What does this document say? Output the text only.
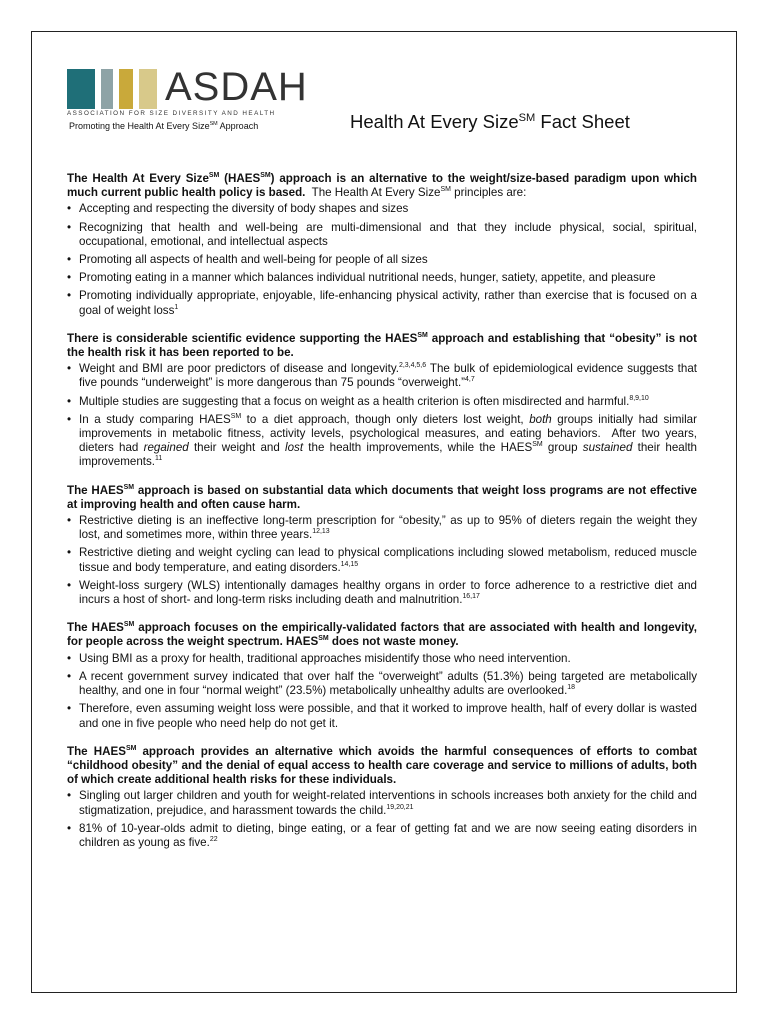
ASDAH
ASSOCIATION FOR SIZE DIVERSITY AND HEALTH
Promoting the Health At Every Size℠ Approach	Health At Every Size℠ Fact Sheet
The Health At Every Size℠ (HAES℠) approach is an alternative to the weight/size-based paradigm upon which much current public health policy is based.  The Health At Every Size℠ principles are:
• Accepting and respecting the diversity of body shapes and sizes
• Recognizing that health and well-being are multi-dimensional and that they include physical, social, spiritual, occupational, emotional, and intellectual aspects
• Promoting all aspects of health and well-being for people of all sizes
• Promoting eating in a manner which balances individual nutritional needs, hunger, satiety, appetite, and pleasure
• Promoting individually appropriate, enjoyable, life-enhancing physical activity, rather than exercise that is focused on a goal of weight loss$^1$
There is considerable scientific evidence supporting the HAES℠ approach and establishing that “obesity” is not the health risk it has been reported to be.
• Weight and BMI are poor predictors of disease and longevity.$^{2,3,4,5,6}$ The bulk of epidemiological evidence suggests that five pounds “underweight” is more dangerous than 75 pounds “overweight.”$^{4,7}$
• Multiple studies are suggesting that a focus on weight as a health criterion is often misdirected and harmful.$^{8,9,10}$
• In a study comparing HAES℠ to a diet approach, though only dieters lost weight, both groups initially had similar improvements in metabolic fitness, activity levels, psychological measures, and eating behaviors.  After two years, dieters had regained their weight and lost the health improvements, while the HAES℠ group sustained their health improvements.$^{11}$
The HAES℠ approach is based on substantial data which documents that weight loss programs are not effective at improving health and often cause harm.
• Restrictive dieting is an ineffective long-term prescription for “obesity,” as up to 95% of dieters regain the weight they lost, and sometimes more, within three years.$^{12,13}$
• Restrictive dieting and weight cycling can lead to physical complications including slowed metabolism, reduced muscle tissue and body temperature, and eating disorders.$^{14,15}$
• Weight-loss surgery (WLS) intentionally damages healthy organs in order to force adherence to a restrictive diet and incurs a host of short- and long-term risks including death and malnutrition.$^{16,17}$
The HAES℠ approach focuses on the empirically-validated factors that are associated with health and longevity, for people across the weight spectrum. HAES℠ does not waste money.
• Using BMI as a proxy for health, traditional approaches misidentify those who need intervention.
• A recent government survey indicated that over half the “overweight” adults (51.3%) being targeted are metabolically healthy, and one in four “normal weight” (23.5%) metabolically unhealthy adults are overlooked.$^{18}$
• Therefore, even assuming weight loss were possible, and that it worked to improve health, half of every dollar is wasted and one in five people who need help do not get it.
The HAES℠ approach provides an alternative which avoids the harmful consequences of efforts to combat “childhood obesity” and the denial of equal access to health care coverage and service to millions of adults, both of which create additional health risks for these individuals.
• Singling out larger children and youth for weight-related interventions in schools increases both anxiety for the child and stigmatization, prejudice, and harassment towards the child.$^{19,20,21}$
• 81% of 10-year-olds admit to dieting, binge eating, or a fear of getting fat and we are now seeing eating disorders in children as young as five.$^{22}$
